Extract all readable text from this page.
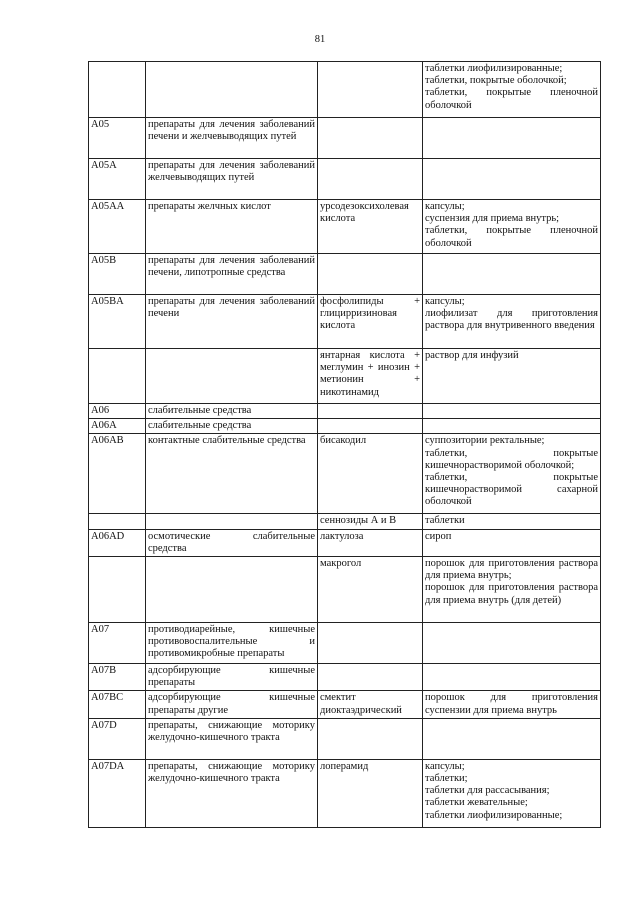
81

			таблетки лиофилизированные;
таблетки, покрытые оболочкой;
таблетки, покрытые пленочной оболочкой

A05	препараты для лечения заболеваний печени и желчевыводящих путей		
A05A	препараты для лечения заболеваний желчевыводящих путей		
A05AA	препараты желчных кислот	урсодезоксихолевая кислота	капсулы;
суспензия для приема внутрь;
таблетки, покрытые пленочной оболочкой

A05B	препараты для лечения заболеваний печени, липотропные средства		
A05BA	препараты для лечения заболеваний печени	фосфолипиды + глицирризиновая кислота	капсулы;
лиофилизат для приготовления раствора для внутривенного введения

		янтарная кислота + меглумин + инозин + метионин + никотинамид	раствор для инфузий

A06	слабительные средства		
A06A	слабительные средства		
A06AB	контактные слабительные средства	бисакодил	суппозитории ректальные;
таблетки, покрытые кишечнорастворимой оболочкой;
таблетки, покрытые кишечнорастворимой сахарной оболочкой

		сеннозиды А и В	таблетки

A06AD	осмотические слабительные средства	лактулоза	сироп

		макрогол	порошок для приготовления раствора для приема внутрь;
порошок для приготовления раствора для приема внутрь (для детей)

A07	противодиарейные, кишечные противовоспалительные и противомикробные препараты		
A07B	адсорбирующие кишечные препараты		
A07BC	адсорбирующие кишечные препараты другие	смектит диоктаэдрический	порошок для приготовления суспензии для приема внутрь

A07D	препараты, снижающие моторику желудочно-кишечного тракта		
A07DA	препараты, снижающие моторику желудочно-кишечного тракта	лоперамид	капсулы;
таблетки;
таблетки для рассасывания;
таблетки жевательные;
таблетки лиофилизированные;
